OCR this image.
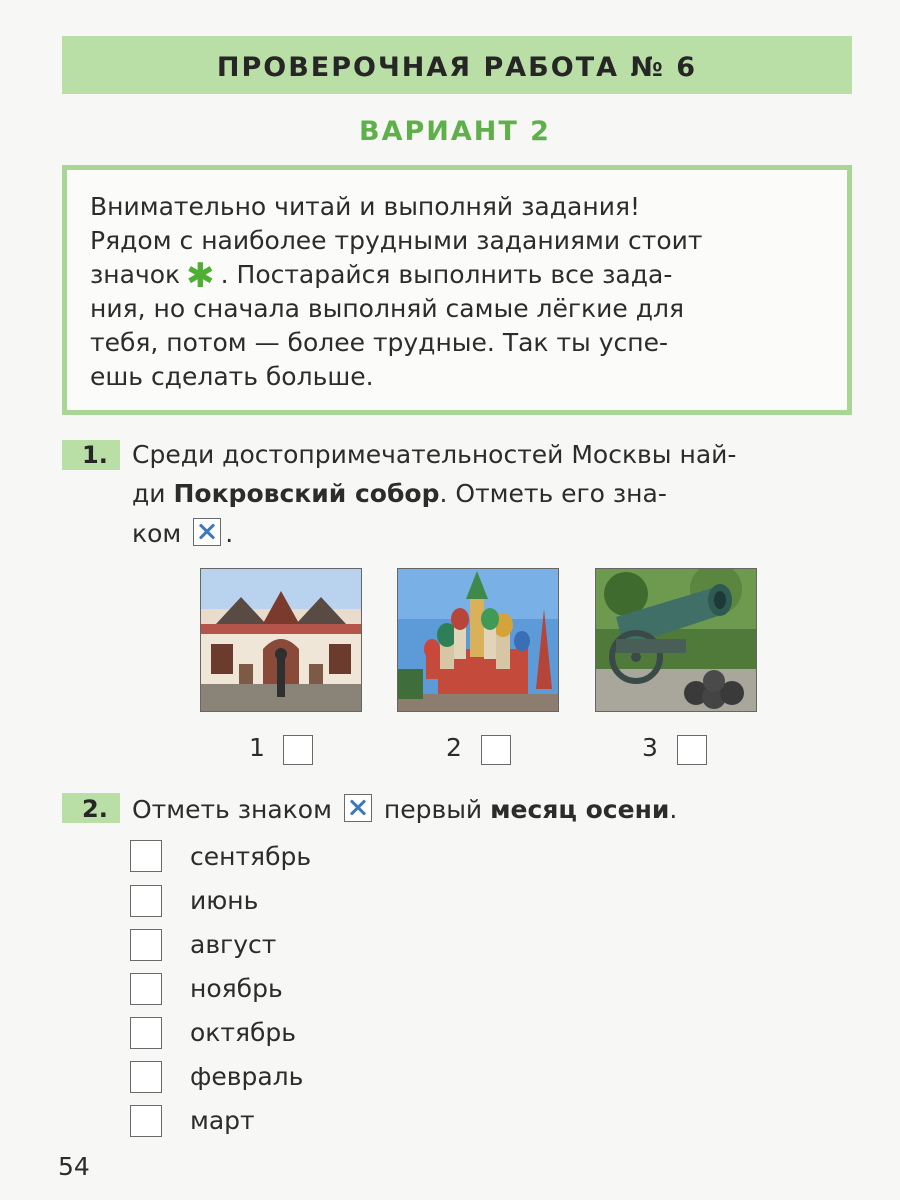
ПРОВЕРОЧНАЯ РАБОТА № 6
ВАРИАНТ 2
Внимательно читай и выполняй задания!
Рядом с наиболее трудными заданиями стоит
значок ✱ . Постарайся выполнить все зада-
ния, но сначала выполняй самые лёгкие для
тебя, потом — более трудные. Так ты успе-
ешь сделать больше.
1. Среди достопримечательностей Москвы най-
ди Покровский собор. Отметь его зна-
ком .
1	2	3
2. Отметь знаком первый месяц осени.
сентябрь
июнь
август
ноябрь
октябрь
февраль
март
54
